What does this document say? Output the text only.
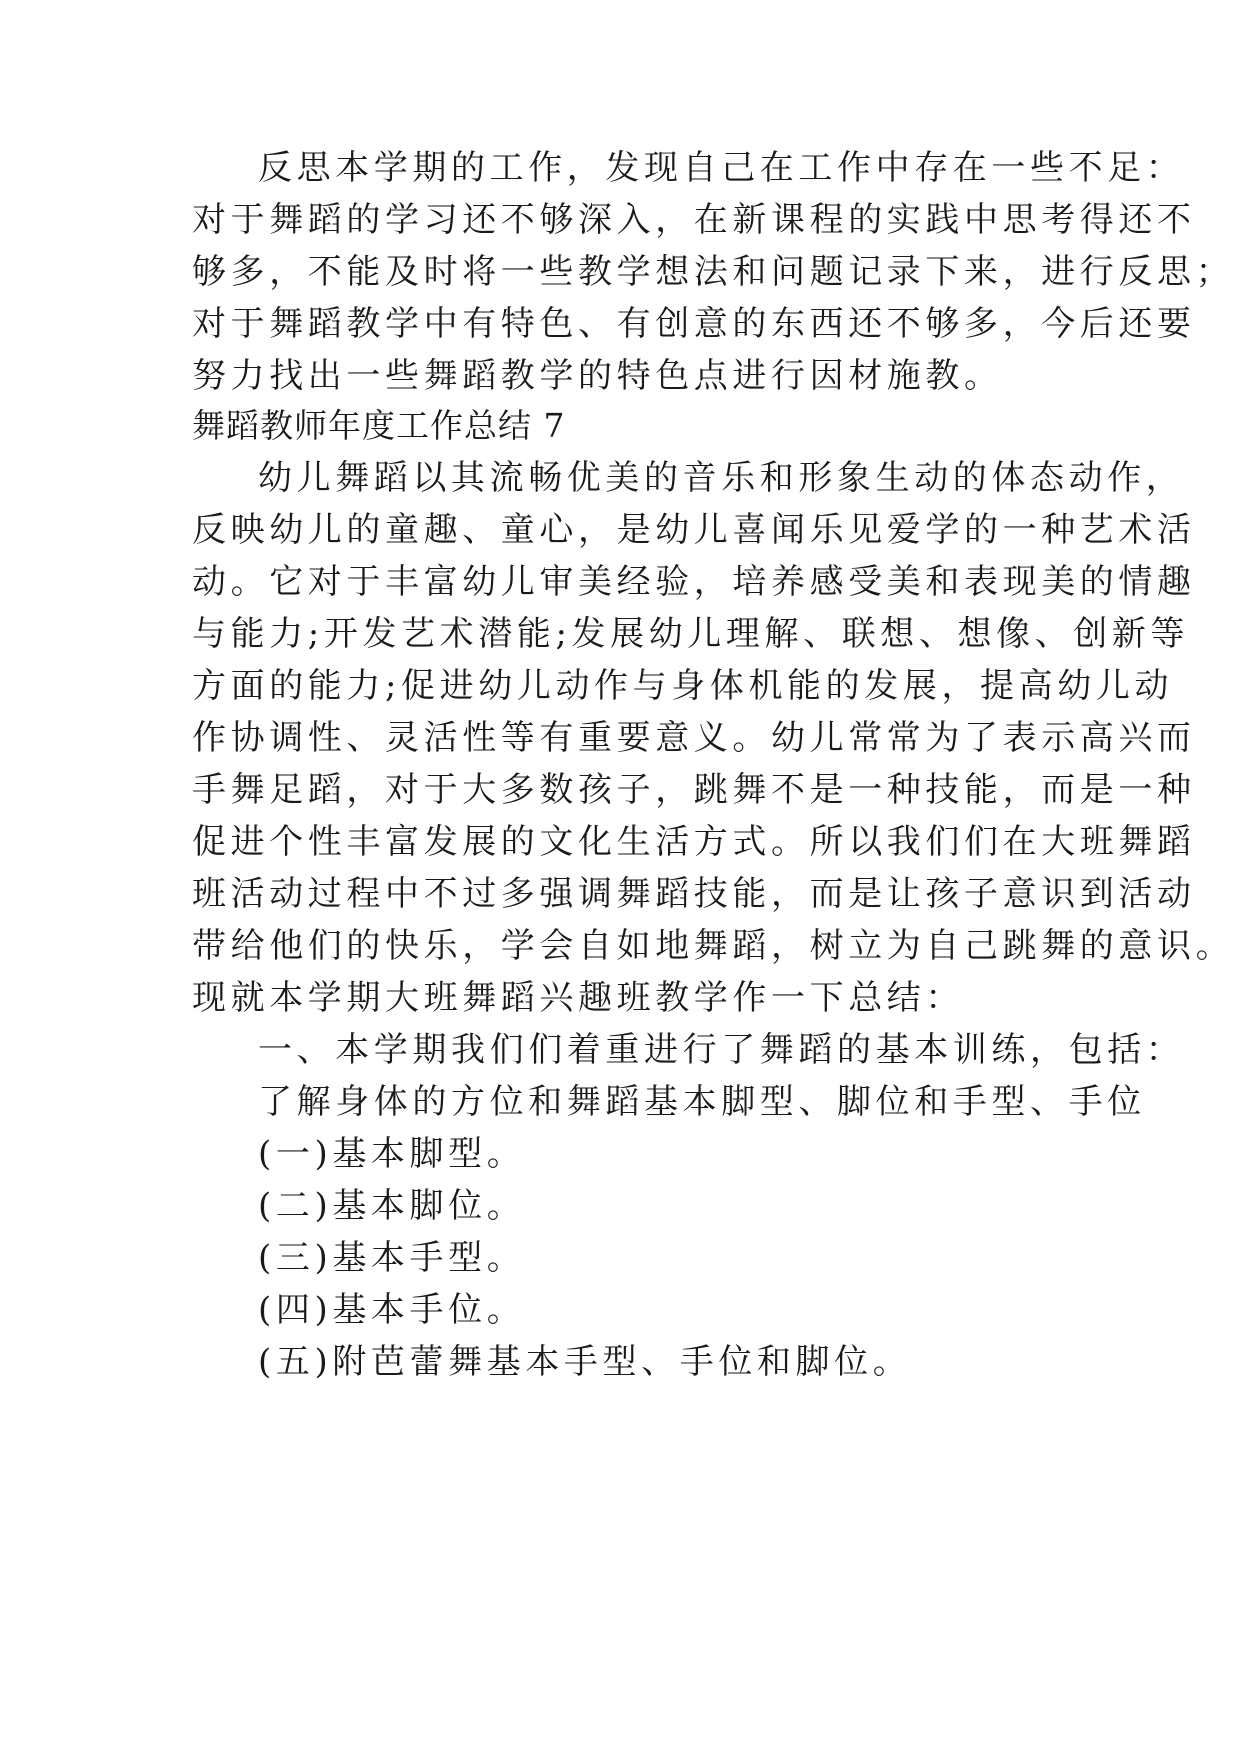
反思本学期的工作，发现自己在工作中存在一些不足：
对于舞蹈的学习还不够深入，在新课程的实践中思考得还不
够多，不能及时将一些教学想法和问题记录下来，进行反思；
对于舞蹈教学中有特色、有创意的东西还不够多，今后还要
努力找出一些舞蹈教学的特色点进行因材施教。
舞蹈教师年度工作总结 7
幼儿舞蹈以其流畅优美的音乐和形象生动的体态动作，
反映幼儿的童趣、童心，是幼儿喜闻乐见爱学的一种艺术活
动。它对于丰富幼儿审美经验，培养感受美和表现美的情趣
与能力;开发艺术潜能;发展幼儿理解、联想、想像、创新等
方面的能力;促进幼儿动作与身体机能的发展，提高幼儿动
作协调性、灵活性等有重要意义。幼儿常常为了表示高兴而
手舞足蹈，对于大多数孩子，跳舞不是一种技能，而是一种
促进个性丰富发展的文化生活方式。所以我们们在大班舞蹈
班活动过程中不过多强调舞蹈技能，而是让孩子意识到活动
带给他们的快乐，学会自如地舞蹈，树立为自己跳舞的意识。
现就本学期大班舞蹈兴趣班教学作一下总结：
一、本学期我们们着重进行了舞蹈的基本训练，包括：
了解身体的方位和舞蹈基本脚型、脚位和手型、手位
(一)基本脚型。
(二)基本脚位。
(三)基本手型。
(四)基本手位。
(五)附芭蕾舞基本手型、手位和脚位。
